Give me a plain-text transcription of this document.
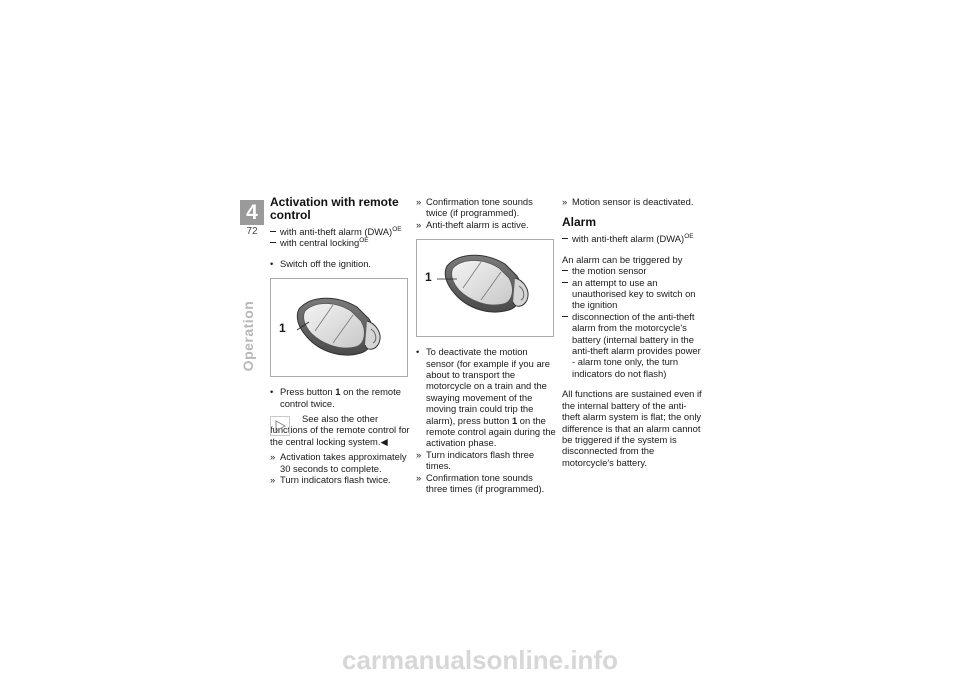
4
72
Operation
Activation with remote control
with anti-theft alarm (DWA)$^{OE}$
with central locking$^{OE}$
• Switch off the ignition.
1
• Press button 1 on the remote control twice.
See also the other functions of the remote control for the central locking system.◀
» Activation takes approximately 30 seconds to complete.
» Turn indicators flash twice.
» Confirmation tone sounds twice (if programmed).
» Anti-theft alarm is active.
1
• To deactivate the motion sensor (for example if you are about to transport the motorcycle on a train and the swaying movement of the moving train could trip the alarm), press button 1 on the remote control again during the activation phase.
» Turn indicators flash three times.
» Confirmation tone sounds three times (if programmed).
» Motion sensor is deactivated.
Alarm
with anti-theft alarm (DWA)$^{OE}$
An alarm can be triggered by
the motion sensor
an attempt to use an unauthorised key to switch on the ignition
disconnection of the anti-theft alarm from the motorcycle's battery (internal battery in the anti-theft alarm provides power - alarm tone only, the turn indicators do not flash)
All functions are sustained even if the internal battery of the anti-theft alarm system is flat; the only difference is that an alarm cannot be triggered if the system is disconnected from the motorcycle's battery.
carmanualsonline.info
